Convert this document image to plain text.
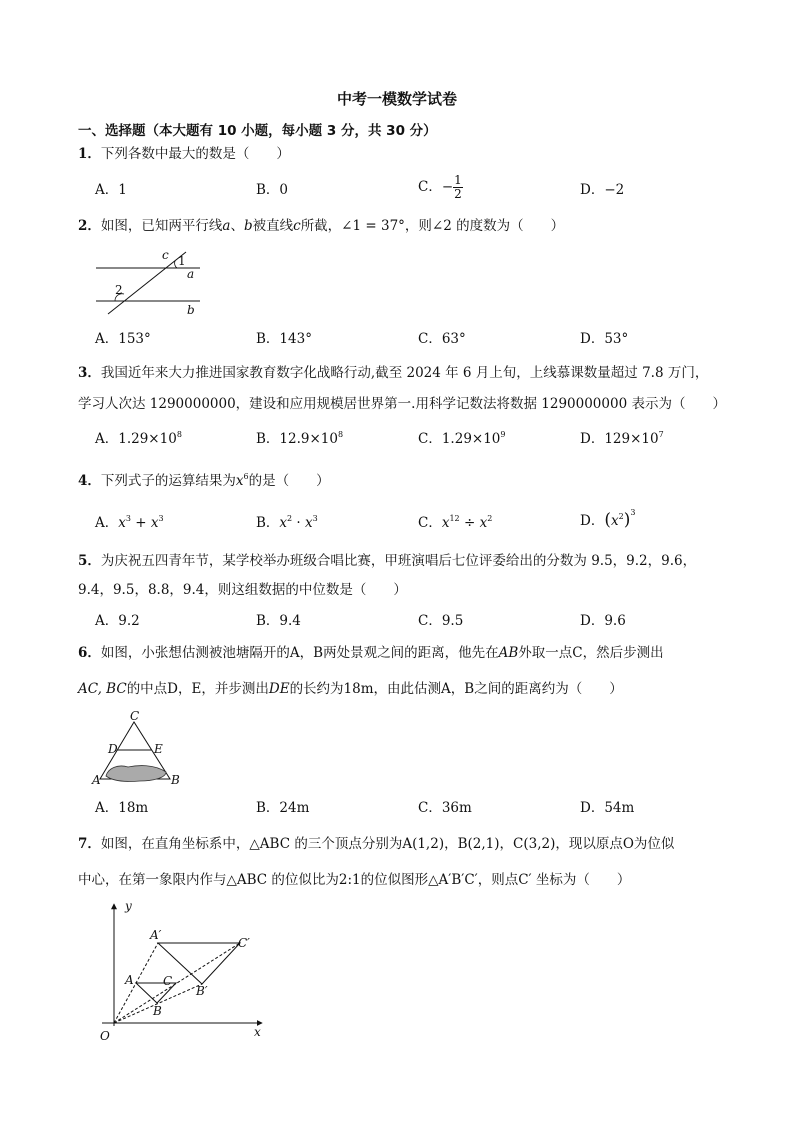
中考一模数学试卷
一、选择题（本大题有 10 小题，每小题 3 分，共 30 分）
1．下列各数中最大的数是（　　）
A．1	B．0	C．− $\frac{1}{2}$	D．−2
2．如图，已知两平行线a、b被直线c所截，∠1 = 37°，则∠2 的度数为（　　）
c 1
a
2
b
A．153°	B．143°	C．63°	D．53°
3．我国近年来大力推进国家教育数字化战略行动,截至 2024 年 6 月上旬，上线慕课数量超过 7.8 万门，
学习人次达 1290000000，建设和应用规模居世界第一.用科学记数法将数据 1290000000 表示为（　　）
A．$1.29\times 10^8$	B．$12.9\times 10^8$	C．$1.29\times 10^9$	D．$129\times 10^7$
4．下列式子的运算结果为$x^6$的是（　　）
A．$x^3 + x^3$	B．$x^2 \cdot x^3$	C．$x^{12} \div x^2$	D．$(x^2)^3$
5．为庆祝五四青年节，某学校举办班级合唱比赛，甲班演唱后七位评委给出的分数为 9.5，9.2，9.6，
9.4，9.5，8.8，9.4，则这组数据的中位数是（　　）
A．9.2	B．9.4	C．9.5	D．9.6
6．如图，小张想估测被池塘隔开的A，B两处景观之间的距离，他先在AB外取一点C，然后步测出
AC, BC的中点D，E，并步测出DE的长约为18m，由此估测A，B之间的距离约为（　　）
C
D	E
A	B
A．18m	B．24m	C．36m	D．54m
7．如图，在直角坐标系中，△ABC 的三个顶点分别为A(1,2)，B(2,1)，C(3,2)，现以原点O为位似
中心，在第一象限内作与△ABC 的位似比为2:1的位似图形△A′B′C′，则点C′ 坐标为（　　）
y
x
O
A′
C′
A C
B′
B
